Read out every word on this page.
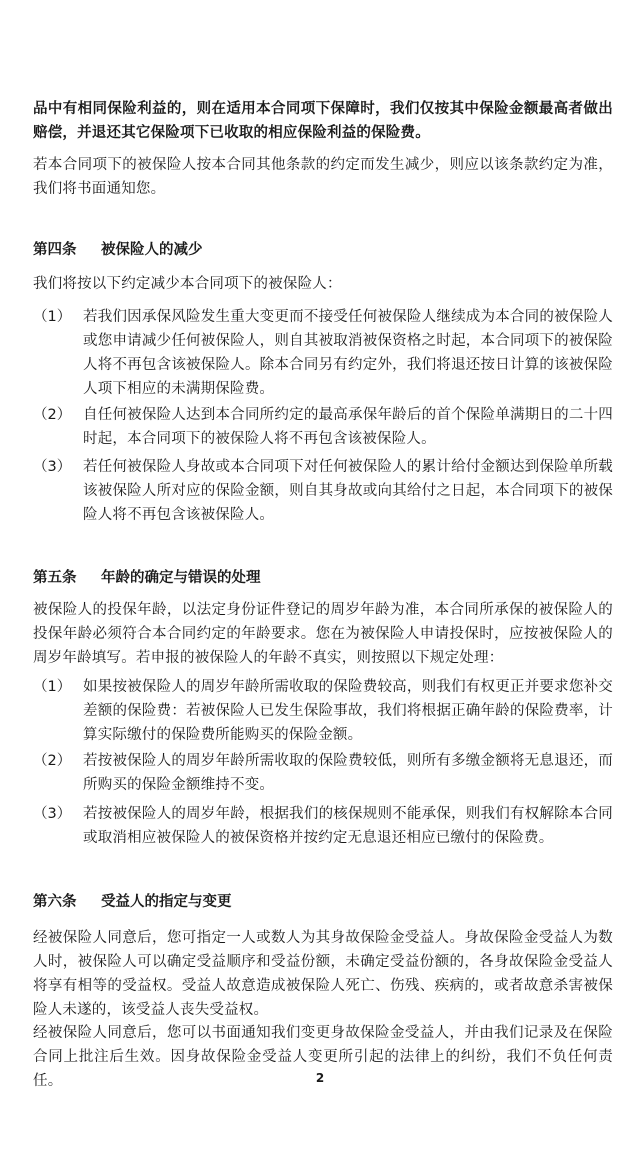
品中有相同保险利益的，则在适用本合同项下保障时，我们仅按其中保险金额最高者做出赔偿，并退还其它保险项下已收取的相应保险利益的保险费。

若本合同项下的被保险人按本合同其他条款的约定而发生减少，则应以该条款约定为准，我们将书面通知您。

第四条 被保险人的减少

我们将按以下约定减少本合同项下的被保险人：

（1） 若我们因承保风险发生重大变更而不接受任何被保险人继续成为本合同的被保险人或您申请减少任何被保险人，则自其被取消被保资格之时起，本合同项下的被保险人将不再包含该被保险人。除本合同另有约定外，我们将退还按日计算的该被保险人项下相应的未满期保险费。

（2） 自任何被保险人达到本合同所约定的最高承保年龄后的首个保险单满期日的二十四时起，本合同项下的被保险人将不再包含该被保险人。

（3） 若任何被保险人身故或本合同项下对任何被保险人的累计给付金额达到保险单所载该被保险人所对应的保险金额，则自其身故或向其给付之日起，本合同项下的被保险人将不再包含该被保险人。

第五条 年龄的确定与错误的处理

被保险人的投保年龄，以法定身份证件登记的周岁年龄为准，本合同所承保的被保险人的投保年龄必须符合本合同约定的年龄要求。您在为被保险人申请投保时，应按被保险人的周岁年龄填写。若申报的被保险人的年龄不真实，则按照以下规定处理：

（1） 如果按被保险人的周岁年龄所需收取的保险费较高，则我们有权更正并要求您补交差额的保险费：若被保险人已发生保险事故，我们将根据正确年龄的保险费率，计算实际缴付的保险费所能购买的保险金额。

（2） 若按被保险人的周岁年龄所需收取的保险费较低，则所有多缴金额将无息退还，而所购买的保险金额维持不变。

（3） 若按被保险人的周岁年龄，根据我们的核保规则不能承保，则我们有权解除本合同或取消相应被保险人的被保资格并按约定无息退还相应已缴付的保险费。

第六条 受益人的指定与变更

经被保险人同意后，您可指定一人或数人为其身故保险金受益人。身故保险金受益人为数人时，被保险人可以确定受益顺序和受益份额，未确定受益份额的，各身故保险金受益人将享有相等的受益权。受益人故意造成被保险人死亡、伤残、疾病的，或者故意杀害被保险人未遂的，该受益人丧失受益权。

经被保险人同意后，您可以书面通知我们变更身故保险金受益人，并由我们记录及在保险合同上批注后生效。因身故保险金受益人变更所引起的法律上的纠纷，我们不负任何责任。	2
